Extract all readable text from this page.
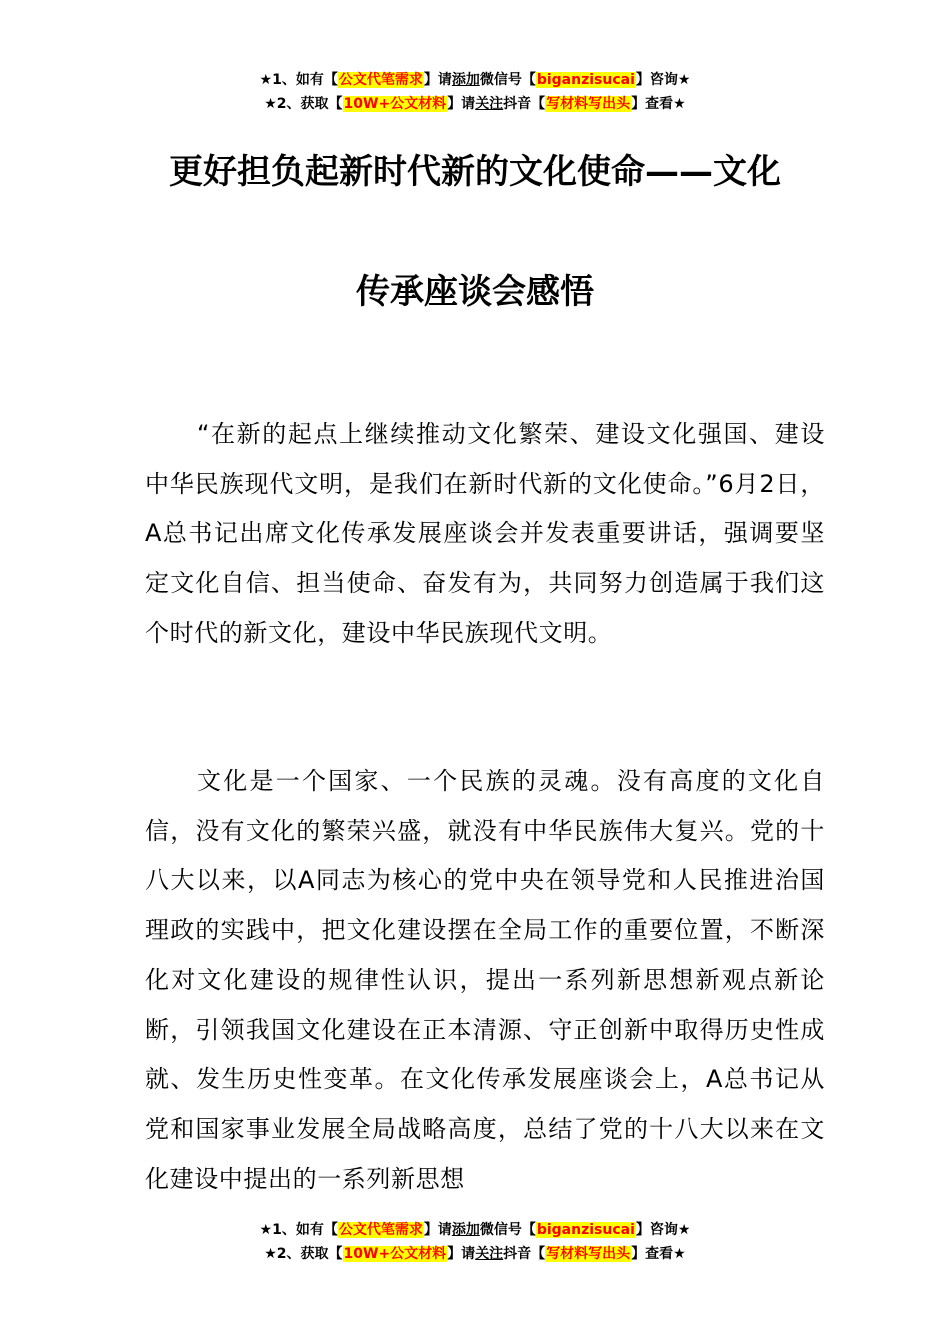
★1、如有【公文代笔需求】请添加微信号【biganzisucai】咨询★
★2、获取【10W+公文材料】请关注抖音【写材料写出头】查看★
更好担负起新时代新的文化使命——文化
传承座谈会感悟

“在新的起点上继续推动文化繁荣、建设文化强国、建设中华民族现代文明，是我们在新时代新的文化使命。”6月2日，A总书记出席文化传承发展座谈会并发表重要讲话，强调要坚定文化自信、担当使命、奋发有为，共同努力创造属于我们这个时代的新文化，建设中华民族现代文明。

文化是一个国家、一个民族的灵魂。没有高度的文化自信，没有文化的繁荣兴盛，就没有中华民族伟大复兴。党的十八大以来，以A同志为核心的党中央在领导党和人民推进治国理政的实践中，把文化建设摆在全局工作的重要位置，不断深化对文化建设的规律性认识，提出一系列新思想新观点新论断，引领我国文化建设在正本清源、守正创新中取得历史性成就、发生历史性变革。在文化传承发展座谈会上，A总书记从党和国家事业发展全局战略高度，总结了党的十八大以来在文化建设中提出的一系列新思想

★1、如有【公文代笔需求】请添加微信号【biganzisucai】咨询★
★2、获取【10W+公文材料】请关注抖音【写材料写出头】查看★
